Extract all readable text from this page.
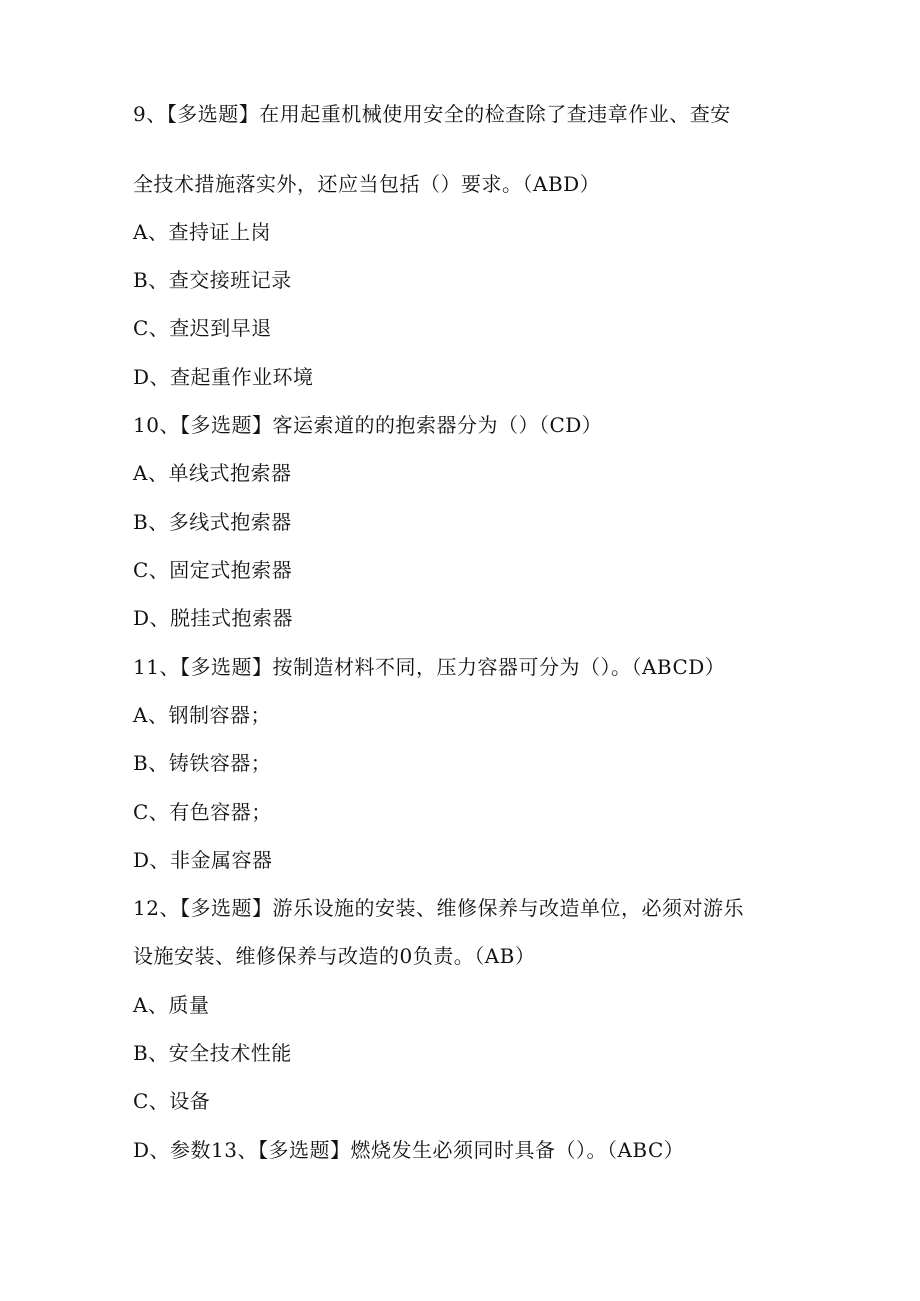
9、【多选题】在用起重机械使用安全的检查除了查违章作业、查安
全技术措施落实外，还应当包括（）要求。（ABD）
A、查持证上岗
B、查交接班记录
C、查迟到早退
D、查起重作业环境
10、【多选题】客运索道的的抱索器分为（）（CD）
A、单线式抱索器
B、多线式抱索器
C、固定式抱索器
D、脱挂式抱索器
11、【多选题】按制造材料不同，压力容器可分为（）。（ABCD）
A、钢制容器；
B、铸铁容器；
C、有色容器；
D、非金属容器
12、【多选题】游乐设施的安装、维修保养与改造单位，必须对游乐
设施安装、维修保养与改造的0负责。（AB）
A、质量
B、安全技术性能
C、设备
D、参数13、【多选题】燃烧发生必须同时具备（）。（ABC）
